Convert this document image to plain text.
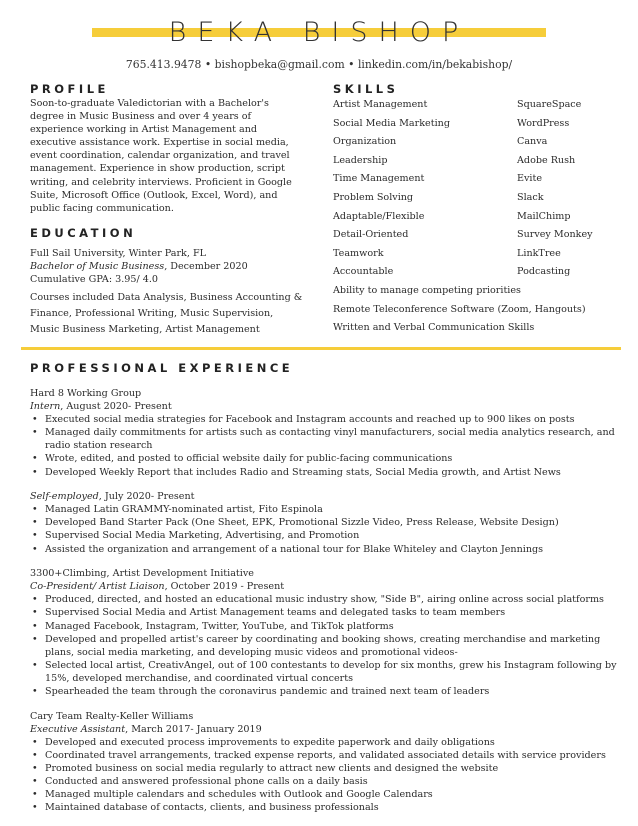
BEKA BISHOP
765.413.9478 • bishopbeka@gmail.com • linkedin.com/in/bekabishop/
PROFILE
Soon-to-graduate Valedictorian with a Bachelor's
degree in Music Business and over 4 years of
experience working in Artist Management and
executive assistance work. Expertise in social media,
event coordination, calendar organization, and travel
management. Experience in show production, script
writing, and celebrity interviews. Proficient in Google
Suite, Microsoft Office (Outlook, Excel, Word), and
public facing communication.
EDUCATION
Full Sail University, Winter Park, FL
Bachelor of Music Business, December 2020
Cumulative GPA: 3.95/ 4.0
Courses included Data Analysis, Business Accounting &
Finance, Professional Writing, Music Supervision,
Music Business Marketing, Artist Management
SKILLS
Artist Management	SquareSpace
Social Media Marketing	WordPress
Organization	Canva
Leadership	Adobe Rush
Time Management	Evite
Problem Solving	Slack
Adaptable/Flexible	MailChimp
Detail-Oriented	Survey Monkey
Teamwork	LinkTree
Accountable	Podcasting
Ability to manage competing priorities
Remote Teleconference Software (Zoom, Hangouts)
Written and Verbal Communication Skills
PROFESSIONAL EXPERIENCE
Hard 8 Working Group
Intern, August 2020- Present
• Executed social media strategies for Facebook and Instagram accounts and reached up to 900 likes on posts
• Managed daily commitments for artists such as contacting vinyl manufacturers, social media analytics research, and radio station research
• Wrote, edited, and posted to official website daily for public-facing communications
• Developed Weekly Report that includes Radio and Streaming stats, Social Media growth, and Artist News
Self-employed, July 2020- Present
• Managed Latin GRAMMY-nominated artist, Fito Espinola
• Developed Band Starter Pack (One Sheet, EPK, Promotional Sizzle Video, Press Release, Website Design)
• Supervised Social Media Marketing, Advertising, and Promotion
• Assisted the organization and arrangement of a national tour for Blake Whiteley and Clayton Jennings
3300+Climbing, Artist Development Initiative
Co-President/ Artist Liaison, October 2019 - Present
• Produced, directed, and hosted an educational music industry show, "Side B", airing online across social platforms
• Supervised Social Media and Artist Management teams and delegated tasks to team members
• Managed Facebook, Instagram, Twitter, YouTube, and TikTok platforms
• Developed and propelled artist's career by coordinating and booking shows, creating merchandise and marketing plans, social media marketing, and developing music videos and promotional videos-
• Selected local artist, CreativAngel, out of 100 contestants to develop for six months, grew his Instagram following by 15%, developed merchandise, and coordinated virtual concerts
• Spearheaded the team through the coronavirus pandemic and trained next team of leaders
Cary Team Realty-Keller Williams
Executive Assistant, March 2017- January 2019
• Developed and executed process improvements to expedite paperwork and daily obligations
• Coordinated travel arrangements, tracked expense reports, and validated associated details with service providers
• Promoted business on social media regularly to attract new clients and designed the website
• Conducted and answered professional phone calls on a daily basis
• Managed multiple calendars and schedules with Outlook and Google Calendars
• Maintained database of contacts, clients, and business professionals
